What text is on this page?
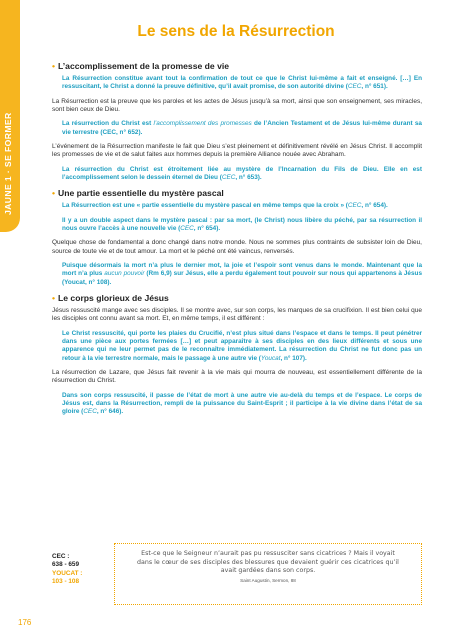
JAUNE 1 · SE FORMER
Le sens de la Résurrection
• L’accomplissement de la promesse de vie

La Résurrection constitue avant tout la confirmation de tout ce que le Christ lui-même a fait et enseigné. […] En ressuscitant, le Christ a donné la preuve définitive, qu’il avait promise, de son autorité divine (CEC, n° 651).

La Résurrection est la preuve que les paroles et les actes de Jésus jusqu’à sa mort, ainsi que son enseignement, ses miracles, sont bien ceux de Dieu.

La résurrection du Christ est l’accomplissement des promesses de l’Ancien Testament et de Jésus lui-même durant sa vie terrestre (CEC, n° 652).

L’événement de la Résurrection manifeste le fait que Dieu s’est pleinement et définitivement révélé en Jésus Christ. Il accomplit les promesses de vie et de salut faites aux hommes depuis la première Alliance nouée avec Abraham.

La résurrection du Christ est étroitement liée au mystère de l’Incarnation du Fils de Dieu. Elle en est l’accomplissement selon le dessein éternel de Dieu (CEC, n° 653).

• Une partie essentielle du mystère pascal

La Résurrection est une « partie essentielle du mystère pascal en même temps que la croix » (CEC, n° 654).

Il y a un double aspect dans le mystère pascal : par sa mort, (le Christ) nous libère du péché, par sa résurrection il nous ouvre l’accès à une nouvelle vie (CEC, n° 654).

Quelque chose de fondamental a donc changé dans notre monde. Nous ne sommes plus contraints de subsister loin de Dieu, source de toute vie et de tout amour. La mort et le péché ont été vaincus, renversés.

Puisque désormais la mort n’a plus le dernier mot, la joie et l’espoir sont venus dans le monde. Maintenant que la mort n’a plus aucun pouvoir (Rm 6,9) sur Jésus, elle a perdu également tout pouvoir sur nous qui appartenons à Jésus (Youcat, n° 108).

• Le corps glorieux de Jésus

Jésus ressuscité mange avec ses disciples. Il se montre avec, sur son corps, les marques de sa crucifixion. Il est bien celui que les disciples ont connu avant sa mort. Et, en même temps, il est différent :

Le Christ ressuscité, qui porte les plaies du Crucifié, n’est plus situé dans l’espace et dans le temps. Il peut pénétrer dans une pièce aux portes fermées […] et peut apparaître à ses disciples en des lieux différents et sous une apparence qui ne leur permet pas de le reconnaître immédiatement. La résurrection du Christ ne fut donc pas un retour à la vie terrestre normale, mais le passage à une autre vie (Youcat, n° 107).

La résurrection de Lazare, que Jésus fait revenir à la vie mais qui mourra de nouveau, est essentiellement différente de la résurrection du Christ.

Dans son corps ressuscité, il passe de l’état de mort à une autre vie au-delà du temps et de l’espace. Le corps de Jésus est, dans la Résurrection, rempli de la puissance du Saint-Esprit ; il participe à la vie divine dans l’état de sa gloire (CEC, n° 646).

CEC :
638 - 659
YOUCAT :
103 - 108
Est-ce que le Seigneur n’aurait pas pu ressusciter sans cicatrices ? Mais il voyait dans le cœur de ses disciples des blessures que devaient guérir ces cicatrices qu’il avait gardées dans son corps.
Saint Augustin, Sermon, 88
176
